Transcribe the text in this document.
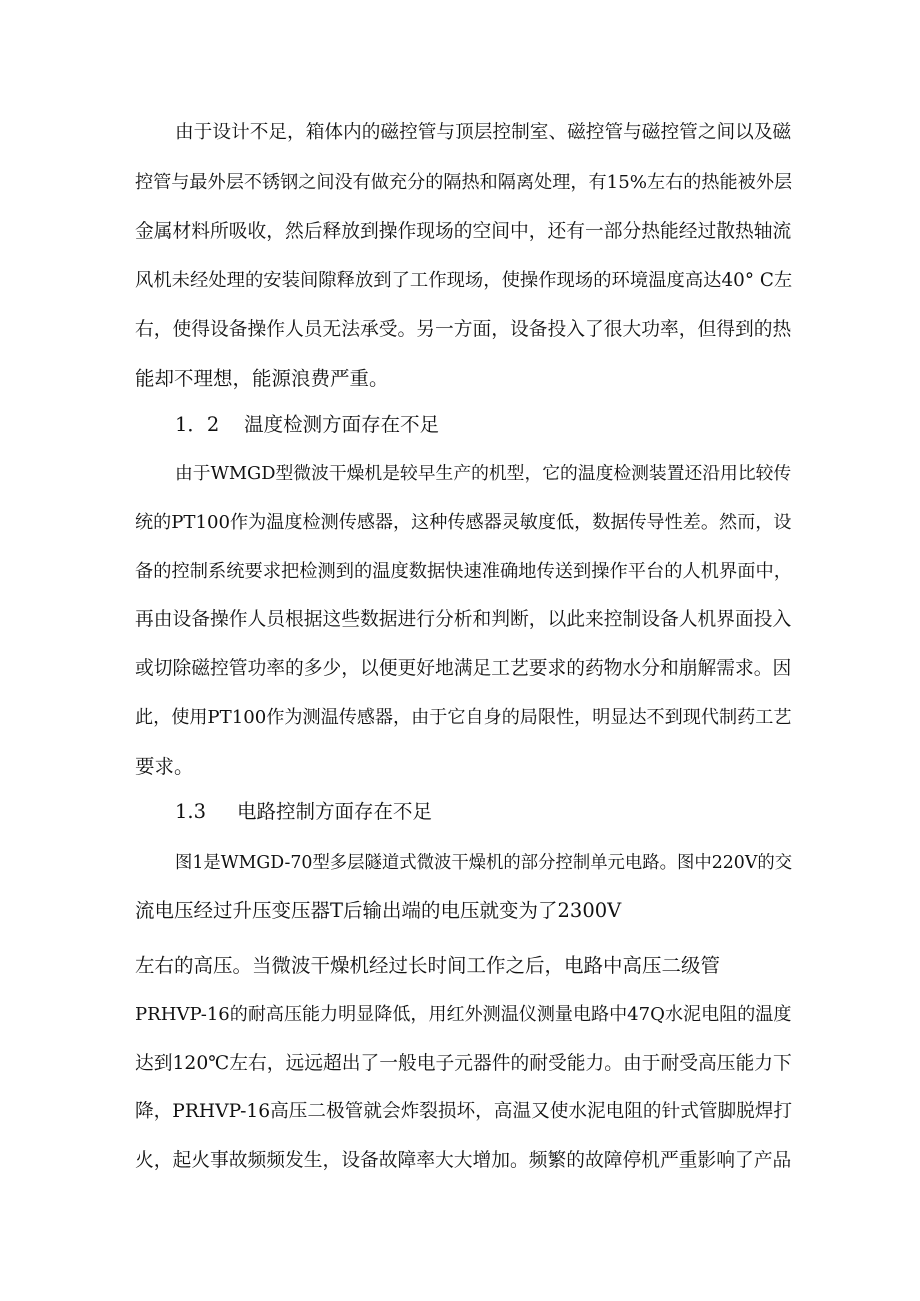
由于设计不足，箱体内的磁控管与顶层控制室、磁控管与磁控管之间以及磁
控管与最外层不锈钢之间没有做充分的隔热和隔离处理，有15%左右的热能被外层
金属材料所吸收，然后释放到操作现场的空间中，还有一部分热能经过散热轴流
风机未经处理的安装间隙释放到了工作现场，使操作现场的环境温度高达40° C左
右，使得设备操作人员无法承受。另一方面，设备投入了很大功率，但得到的热
能却不理想，能源浪费严重。
1．2    温度检测方面存在不足
由于WMGD型微波干燥机是较早生产的机型，它的温度检测装置还沿用比较传
统的PT100作为温度检测传感器，这种传感器灵敏度低，数据传导性差。然而，设
备的控制系统要求把检测到的温度数据快速准确地传送到操作平台的人机界面中，
再由设备操作人员根据这些数据进行分析和判断，以此来控制设备人机界面投入
或切除磁控管功率的多少，以便更好地满足工艺要求的药物水分和崩解需求。因
此，使用PT100作为测温传感器，由于它自身的局限性，明显达不到现代制药工艺
要求。
1.3     电路控制方面存在不足
图1是WMGD-70型多层隧道式微波干燥机的部分控制单元电路。图中220V的交
流电压经过升压变压器T后输出端的电压就变为了2300V
左右的高压。当微波干燥机经过长时间工作之后，电路中高压二级管
PRHVP-16的耐高压能力明显降低，用红外测温仪测量电路中47Q水泥电阻的温度
达到120℃左右，远远超出了一般电子元器件的耐受能力。由于耐受高压能力下
降，PRHVP-16高压二极管就会炸裂损坏，高温又使水泥电阻的针式管脚脱焊打
火，起火事故频频发生，设备故障率大大增加。频繁的故障停机严重影响了产品
